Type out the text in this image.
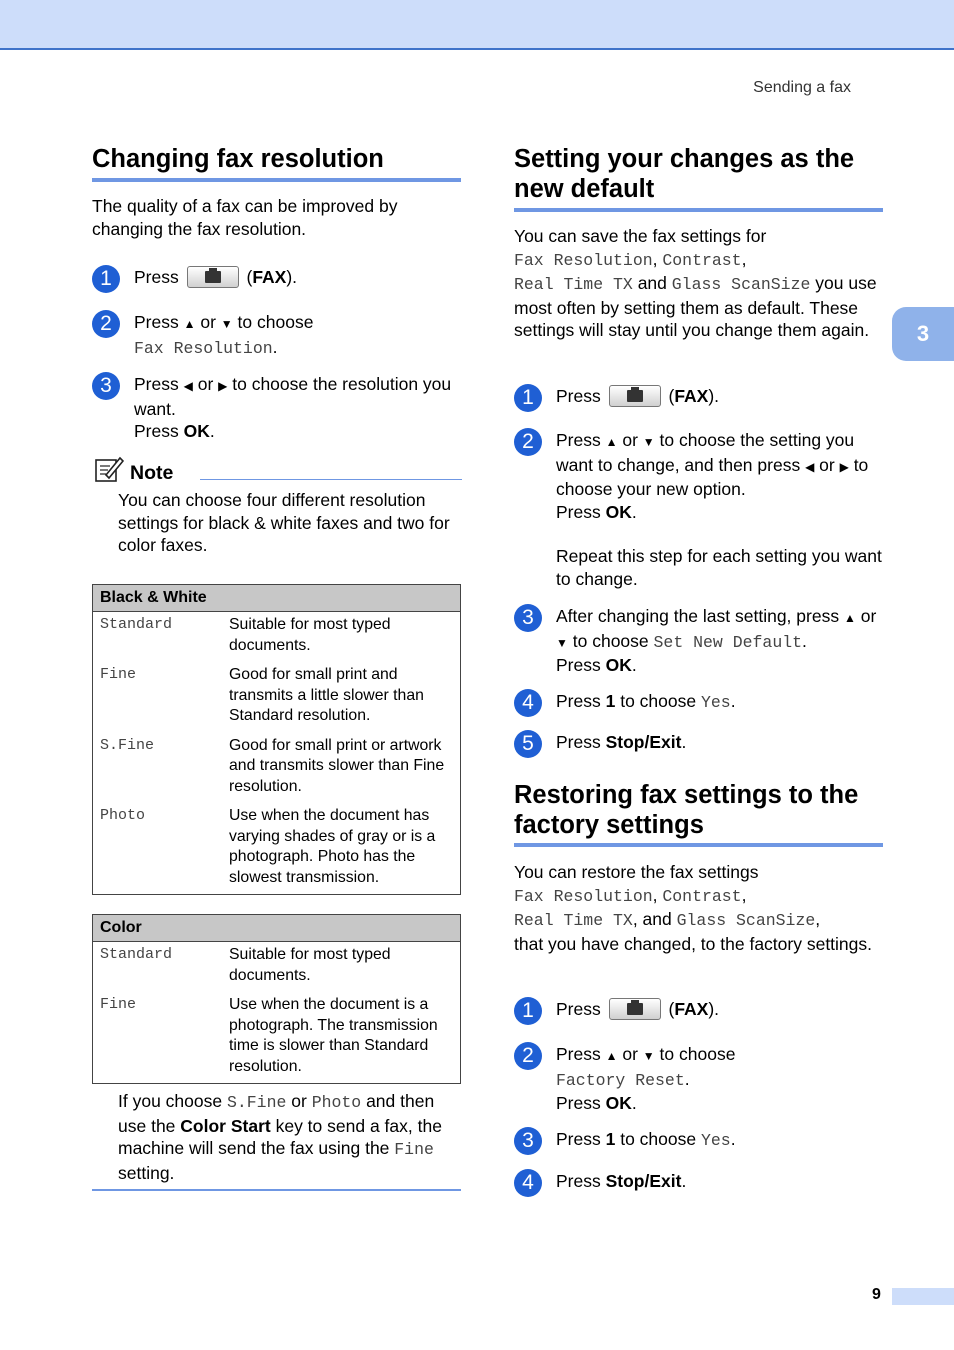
Sending a fax
3
Changing fax resolution
The quality of a fax can be improved by changing the fax resolution.
1	Press	(FAX).
2	Press ▲ or ▼ to choose
Fax Resolution.
3	Press ◀ or ▶ to choose the resolution you want.
Press OK.
Note
You can choose four different resolution settings for black & white faxes and two for color faxes.
Black & White	
Standard	Suitable for most typed documents.
Fine	Good for small print and transmits a little slower than Standard resolution.
S.Fine	Good for small print or artwork and transmits slower than Fine resolution.
Photo	Use when the document has varying shades of gray or is a photograph. Photo has the slowest transmission.
Color	
Standard	Suitable for most typed documents.
Fine	Use when the document is a photograph. The transmission time is slower than Standard resolution.
If you choose S.Fine or Photo and then use the Color Start key to send a fax, the machine will send the fax using the Fine setting.
Setting your changes as the new default
You can save the fax settings for
Fax Resolution, Contrast,
Real Time TX and Glass ScanSize you use most often by setting them as default. These settings will stay until you change them again.
1	Press	(FAX).
2	Press ▲ or ▼ to choose the setting you want to change, and then press ◀ or ▶ to choose your new option.
Press OK.
Repeat this step for each setting you want to change.
3	After changing the last setting, press ▲ or ▼ to choose Set New Default.
Press OK.
4	Press 1 to choose Yes.
5	Press Stop/Exit.
Restoring fax settings to the factory settings
You can restore the fax settings
Fax Resolution, Contrast,
Real Time TX, and Glass ScanSize,
that you have changed, to the factory settings.
1	Press	(FAX).
2	Press ▲ or ▼ to choose
Factory Reset.
Press OK.
3	Press 1 to choose Yes.
4	Press Stop/Exit.
9
